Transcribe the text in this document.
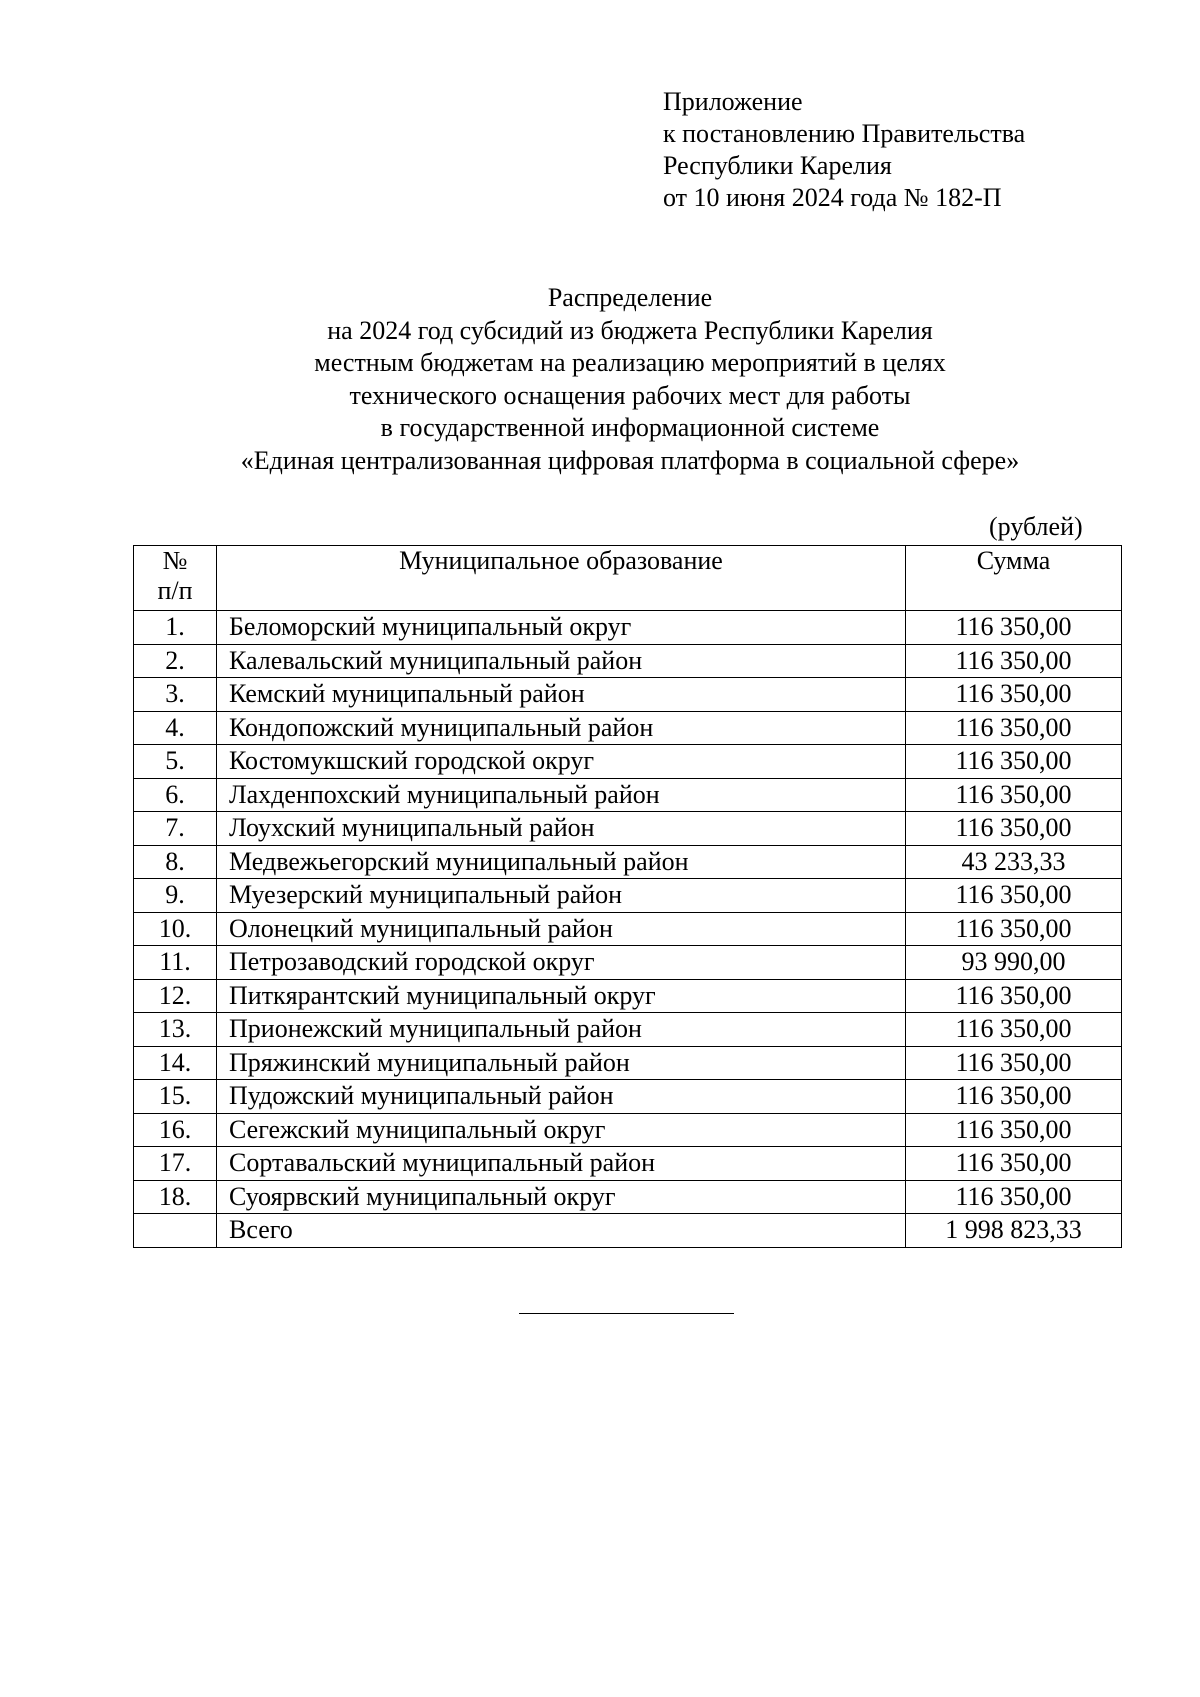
Приложение
к постановлению Правительства
Республики Карелия
от 10 июня 2024 года № 182-П
Распределение
на 2024 год субсидий из бюджета Республики Карелия
местным бюджетам на реализацию мероприятий в целях
технического оснащения рабочих мест для работы
в государственной информационной системе
«Единая централизованная цифровая платформа в социальной сфере»
(рублей)
№
п/п	Муниципальное образование	Сумма
1.	Беломорский муниципальный округ	116 350,00
2.	Калевальский муниципальный район	116 350,00
3.	Кемский муниципальный район	116 350,00
4.	Кондопожский муниципальный район	116 350,00
5.	Костомукшский городской округ	116 350,00
6.	Лахденпохский муниципальный район	116 350,00
7.	Лоухский муниципальный район	116 350,00
8.	Медвежьегорский муниципальный район	43 233,33
9.	Муезерский муниципальный район	116 350,00
10.	Олонецкий муниципальный район	116 350,00
11.	Петрозаводский городской округ	93 990,00
12.	Питкярантский муниципальный округ	116 350,00
13.	Прионежский муниципальный район	116 350,00
14.	Пряжинский муниципальный район	116 350,00
15.	Пудожский муниципальный район	116 350,00
16.	Сегежский муниципальный округ	116 350,00
17.	Сортавальский муниципальный район	116 350,00
18.	Суоярвский муниципальный округ	116 350,00
	Всего	1 998 823,33
